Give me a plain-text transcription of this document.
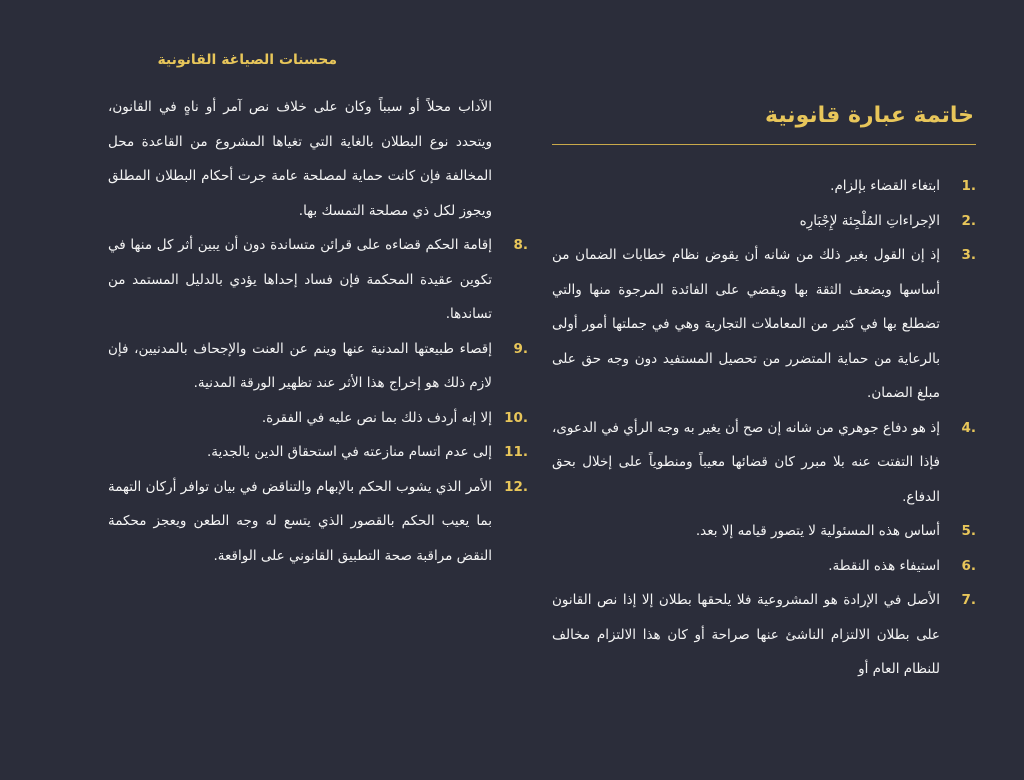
محسنات الصياغة القانونية
الآداب محلاً أو سبباً وكان على خلاف نص آمر أو ناهٍ في القانون، ويتحدد نوع البطلان بالغاية التي تغياها المشروع من القاعدة محل المخالفة فإن كانت حماية لمصلحة عامة جرت أحكام البطلان المطلق ويجوز لكل ذي مصلحة التمسك بها.
8.
إقامة الحكم قضاءه على قرائن متساندة دون أن يبين أثر كل منها في تكوين عقيدة المحكمة فإن فساد إحداها يؤدي بالدليل المستمد من تساندها.
9.
إقصاء طبيعتها المدنية عنها وينم عن العنت والإجحاف بالمدنيين، فإن لازم ذلك هو إخراج هذا الأثر عند تظهير الورقة المدنية.
10.
إلا إنه أردف ذلك بما نص عليه في الفقرة.
11.
إلى عدم اتسام منازعته في استحقاق الدين بالجدية.
12.
الأمر الذي يشوب الحكم بالإبهام والتناقض في بيان توافر أركان التهمة بما يعيب الحكم بالقصور الذي يتسع له وجه الطعن ويعجز محكمة النقض مراقبة صحة التطبيق القانوني على الواقعة.
خاتمة عبارة قانونية
1.
ابتغاء القضاء بإلزام.
2.
الإجراءاتِ المُلْجِئة لإِجْبَارِه
3.
إذ إن القول بغير ذلك من شانه أن يقوض نظام خطابات الضمان من أساسها ويضعف الثقة بها ويقضي على الفائدة المرجوة منها والتي تضطلع بها في كثير من المعاملات التجارية وهي في جملتها أمور أولى بالرعاية من حماية المتضرر من تحصيل المستفيد دون وجه حق على مبلغ الضمان.
4.
إذ هو دفاع جوهري من شانه إن صح أن يغير به وجه الرأي في الدعوى، فإذا التفتت عنه بلا مبرر كان قضائها معيباً ومنطوياً على إخلال بحق الدفاع.
5.
أساس هذه المسئولية لا يتصور قيامه إلا بعد.
6.
استيفاء هذه النقطة.
7.
الأصل في الإرادة هو المشروعية فلا يلحقها بطلان إلا إذا نص القانون على بطلان الالتزام الناشئ عنها صراحة أو كان هذا الالتزام مخالف للنظام العام أو
